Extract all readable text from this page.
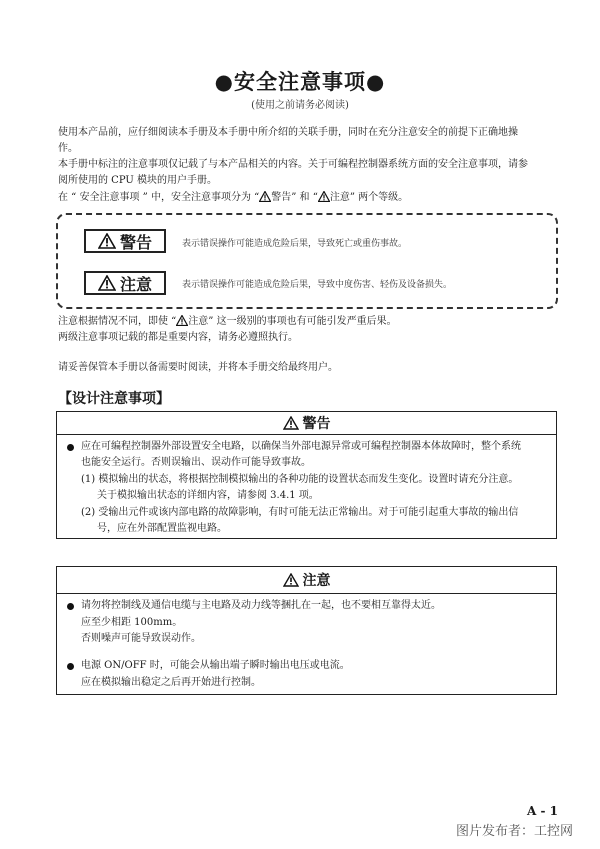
●安全注意事项●
(使用之前请务必阅读)
使用本产品前，应仔细阅读本手册及本手册中所介绍的关联手册，同时在充分注意安全的前提下正确地操
作。
本手册中标注的注意事项仅记载了与本产品相关的内容。关于可编程控制器系统方面的安全注意事项，请参
阅所使用的 CPU 模块的用户手册。
在 “ 安全注意事项 ” 中，安全注意事项分为 “ 警告” 和 “ 注意” 两个等级。
警告	表示错误操作可能造成危险后果，导致死亡或重伤事故。
注意	表示错误操作可能造成危险后果，导致中度伤害、轻伤及设备损失。
注意根据情况不同，即使 “ 注意” 这一级别的事项也有可能引发严重后果。
两级注意事项记载的都是重要内容，请务必遵照执行。
请妥善保管本手册以备需要时阅读，并将本手册交给最终用户。
【设计注意事项】
警告
应在可编程控制器外部设置安全电路，以确保当外部电源异常或可编程控制器本体故障时，整个系统
也能安全运行。否则误输出、误动作可能导致事故。
(1) 模拟输出的状态，将根据控制模拟输出的各种功能的设置状态而发生变化。设置时请充分注意。
关于模拟输出状态的详细内容，请参阅 3.4.1 项。
(2) 受输出元件或该内部电路的故障影响，有时可能无法正常输出。对于可能引起重大事故的输出信
号，应在外部配置监视电路。
注意
请勿将控制线及通信电缆与主电路及动力线等捆扎在一起，也不要相互靠得太近。
应至少相距 100mm。
否则噪声可能导致误动作。
电源 ON/OFF 时，可能会从输出端子瞬时输出电压或电流。
应在模拟输出稳定之后再开始进行控制。
A - 1
图片发布者：工控网
